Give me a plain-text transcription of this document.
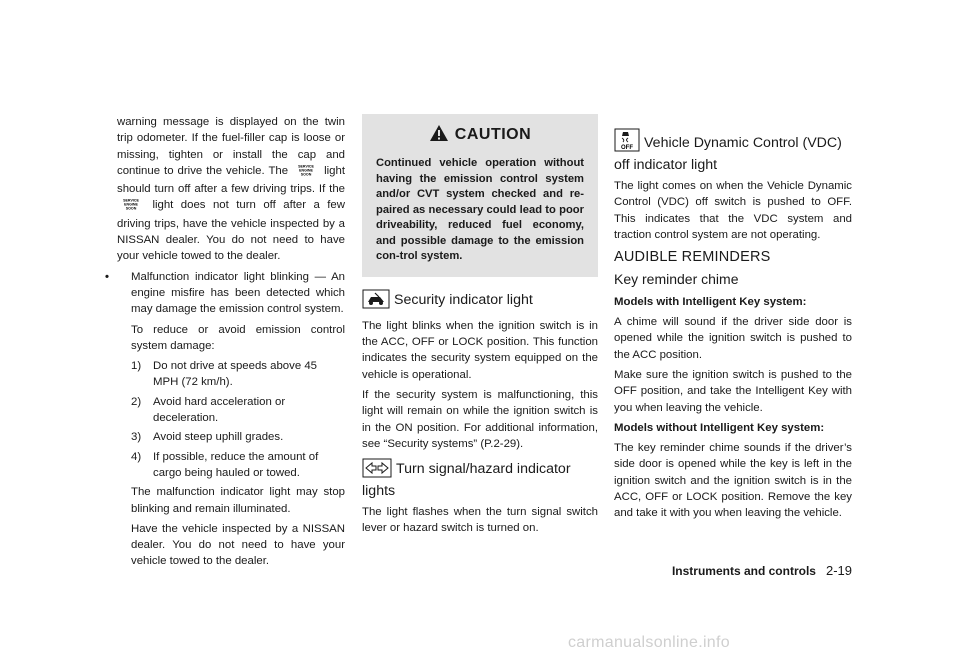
warning message is displayed on the twin trip odometer. If the fuel-filler cap is loose or missing, tighten or install the cap and continue to drive the vehicle. The	SERVICE
ENGINE
SOON light should turn off after a few driving trips. If the
SERVICE
ENGINE
SOON light does not turn off after a few driving trips, have the vehicle inspected by a NISSAN dealer. You do not need to have your vehicle towed to the dealer.

• Malfunction indicator light blinking — An engine misfire has been detected which may damage the emission control system.

To reduce or avoid emission control system damage:

1) Do not drive at speeds above 45 MPH (72 km/h).
2) Avoid hard acceleration or deceleration.
3) Avoid steep uphill grades.
4) If possible, reduce the amount of cargo being hauled or towed.

The malfunction indicator light may stop blinking and remain illuminated.

Have the vehicle inspected by a NISSAN dealer. You do not need to have your vehicle towed to the dealer.

CAUTION
Continued vehicle operation without having the emission control system and/or CVT system checked and re-paired as necessary could lead to poor driveability, reduced fuel economy, and possible damage to the emission con-trol system.
Security indicator light

The light blinks when the ignition switch is in the ACC, OFF or LOCK position. This function indicates the security system equipped on the vehicle is operational.

If the security system is malfunctioning, this light will remain on while the ignition switch is in the ON position. For additional information, see “Security systems” (P.2-29).

Turn signal/hazard indicator lights

The light flashes when the turn signal switch lever or hazard switch is turned on.

OFF Vehicle Dynamic Control (VDC) off indicator light

The light comes on when the Vehicle Dynamic Control (VDC) off switch is pushed to OFF. This indicates that the VDC system and traction control system are not operating.

AUDIBLE REMINDERS
Key reminder chime

Models with Intelligent Key system:

A chime will sound if the driver side door is opened while the ignition switch is pushed to the ACC position.

Make sure the ignition switch is pushed to the OFF position, and take the Intelligent Key with you when leaving the vehicle.

Models without Intelligent Key system:

The key reminder chime sounds if the driver’s side door is opened while the key is left in the ignition switch and the ignition switch is in the ACC, OFF or LOCK position. Remove the key and take it with you when leaving the vehicle.

Instruments and controls 2-19
carmanualsonline.info
